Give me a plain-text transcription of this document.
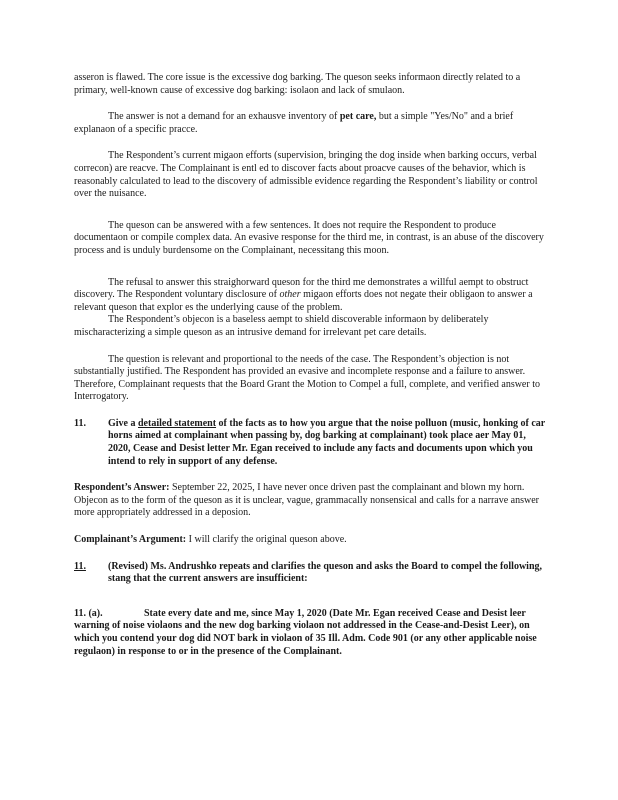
asseron is flawed. The core issue is the excessive dog barking. The queson seeks informaon directly related to a primary, well-known cause of excessive dog barking: isolaon and lack of smulaon.

The answer is not a demand for an exhausve inventory of pet care, but a simple "Yes/No" and a brief explanaon of a specific pracce.

The Respondent’s current migaon efforts (supervision, bringing the dog inside when barking occurs, verbal correcon) are reacve. The Complainant is entl ed to discover facts about proacve causes of the behavior, which is reasonably calculated to lead to the discovery of admissible evidence regarding the Respondent’s liability or control over the nuisance.

The queson can be answered with a few sentences. It does not require the Respondent to produce documentaon or compile complex data. An evasive response for the third me, in contrast, is an abuse of the discovery process and is unduly burdensome on the Complainant, necessitang this moon.

The refusal to answer this straighorward queson for the third me demonstrates a willful aempt to obstruct discovery. The Respondent voluntary disclosure of other migaon efforts does not negate their obligaon to answer a relevant queson that explor es the underlying cause of the problem.

The Respondent’s objecon is a baseless aempt to shield discoverable informaon by deliberately mischaracterizing a simple queson as an intrusive demand for irrelevant pet care details.

The question is relevant and proportional to the needs of the case. The Respondent’s objection is not substantially justified. The Respondent has provided an evasive and incomplete response and a failure to answer. Therefore, Complainant requests that the Board Grant the Motion to Compel a full, complete, and verified answer to Interrogatory.

11.	Give a detailed statement of the facts as to how you argue that the noise polluon (music, honking of car horns aimed at complainant when passing by, dog barking at complainant) took place aer May 01, 2020, Cease and Desist letter Mr. Egan received to include any facts and documents upon which you intend to rely in support of any defense.

Respondent’s Answer: September 22, 2025, I have never once driven past the complainant and blown my horn. Objecon as to the form of the queson as it is unclear, vague, grammacally nonsensical and calls for a narrave answer more appropriately addressed in a deposion.

Complainant’s Argument: I will clarify the original queson above.

11.	(Revised) Ms. Andrushko repeats and clarifies the queson and asks the Board to compel the following, stang that the current answers are insufficient:
11. (a).	State every date and me, since May 1, 2020 (Date Mr. Egan received Cease and Desist leer warning of noise violaons and the new dog barking violaon not addressed in the Cease-and-Desist Leer), on which you contend your dog did NOT bark in violaon of 35 Ill. Adm. Code 901 (or any other applicable noise regulaon) in response to or in the presence of the Complainant.
